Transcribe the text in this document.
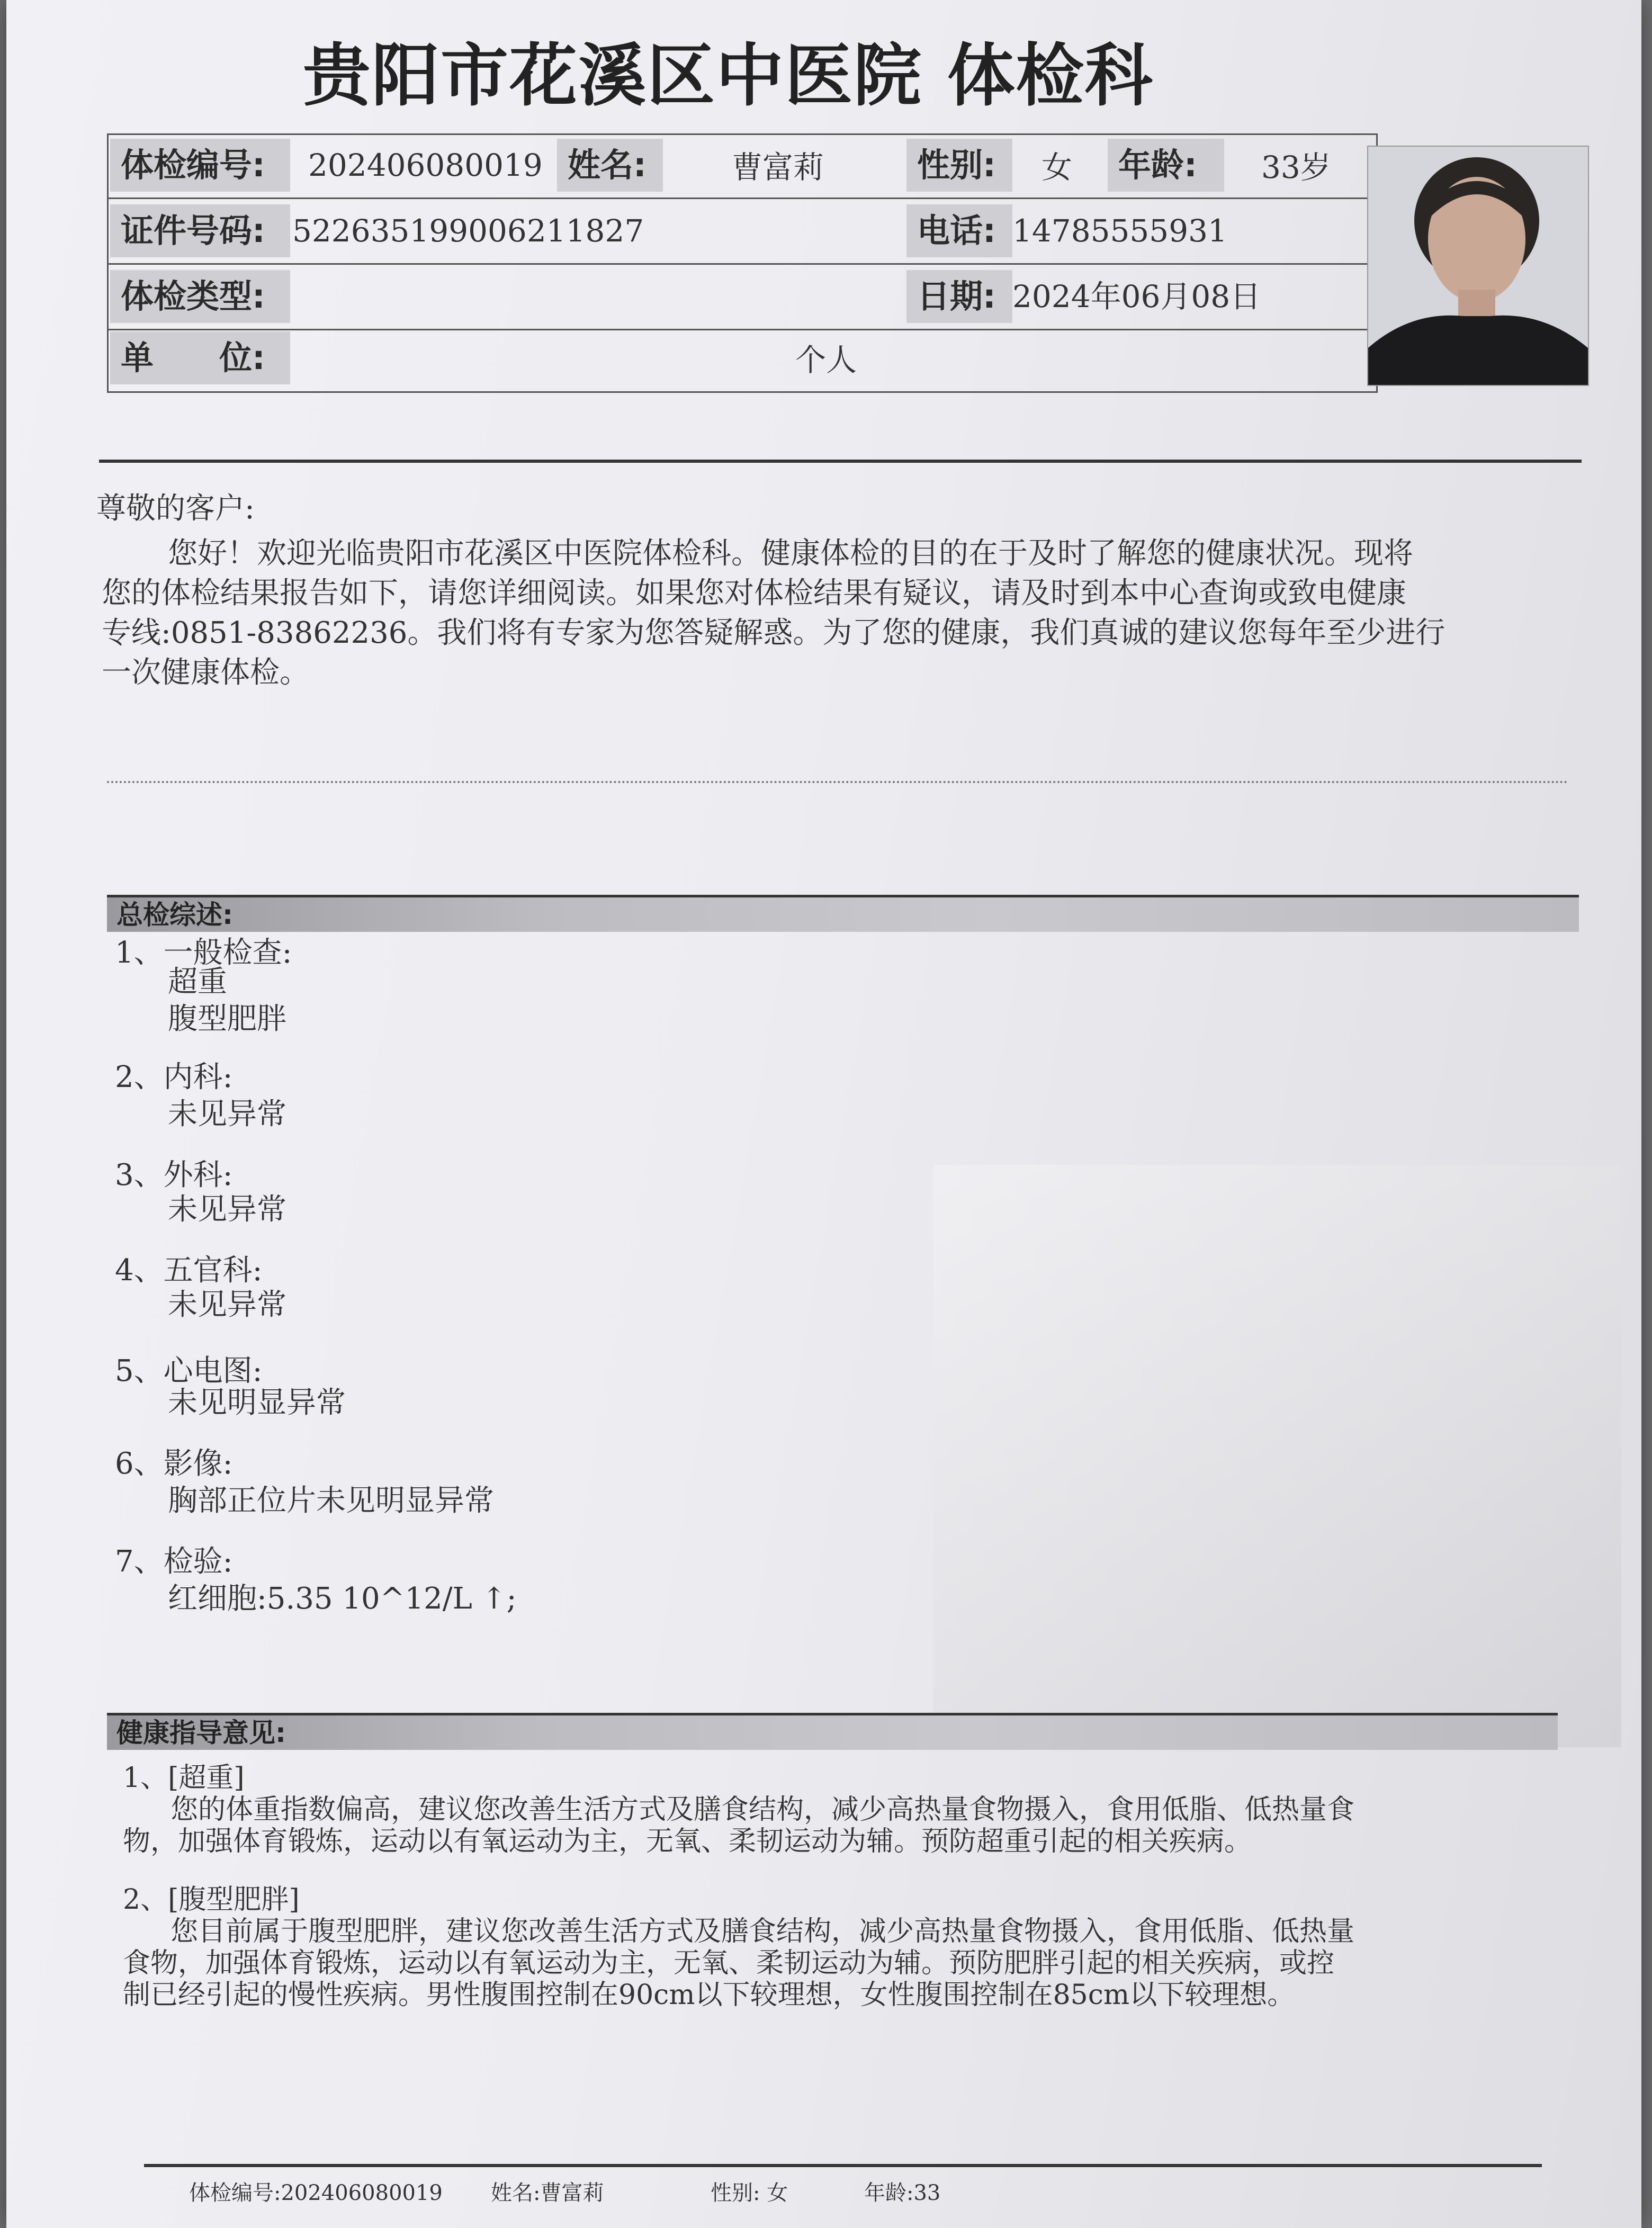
贵阳市花溪区中医院 体检科
体检编号:	202406080019 姓名:	曹富莉	性别:	女	年龄:	33岁
证件号码: 522635199006211827	电话: 14785555931
体检类型:	日期: 2024年06月08日
单　　位:	个人
尊敬的客户:
您好！欢迎光临贵阳市花溪区中医院体检科。健康体检的目的在于及时了解您的健康状况。现将
您的体检结果报告如下，请您详细阅读。如果您对体检结果有疑议，请及时到本中心查询或致电健康
专线:0851-83862236。我们将有专家为您答疑解惑。为了您的健康，我们真诚的建议您每年至少进行
一次健康体检。
总检综述:
1、一般检查:
超重
腹型肥胖
2、内科:
未见异常
3、外科:
未见异常
4、五官科:
未见异常
5、心电图:
未见明显异常
6、影像:
胸部正位片未见明显异常
7、检验:
红细胞:5.35 10^12/L ↑;
健康指导意见:
1、[超重]
您的体重指数偏高，建议您改善生活方式及膳食结构，减少高热量食物摄入，食用低脂、低热量食
物，加强体育锻炼，运动以有氧运动为主，无氧、柔韧运动为辅。预防超重引起的相关疾病。
2、[腹型肥胖]
您目前属于腹型肥胖，建议您改善生活方式及膳食结构，减少高热量食物摄入，食用低脂、低热量
食物，加强体育锻炼，运动以有氧运动为主，无氧、柔韧运动为辅。预防肥胖引起的相关疾病，或控
制已经引起的慢性疾病。男性腹围控制在90cm以下较理想，女性腹围控制在85cm以下较理想。
体检编号:202406080019 姓名:曹富莉	性别: 女	年龄:33
